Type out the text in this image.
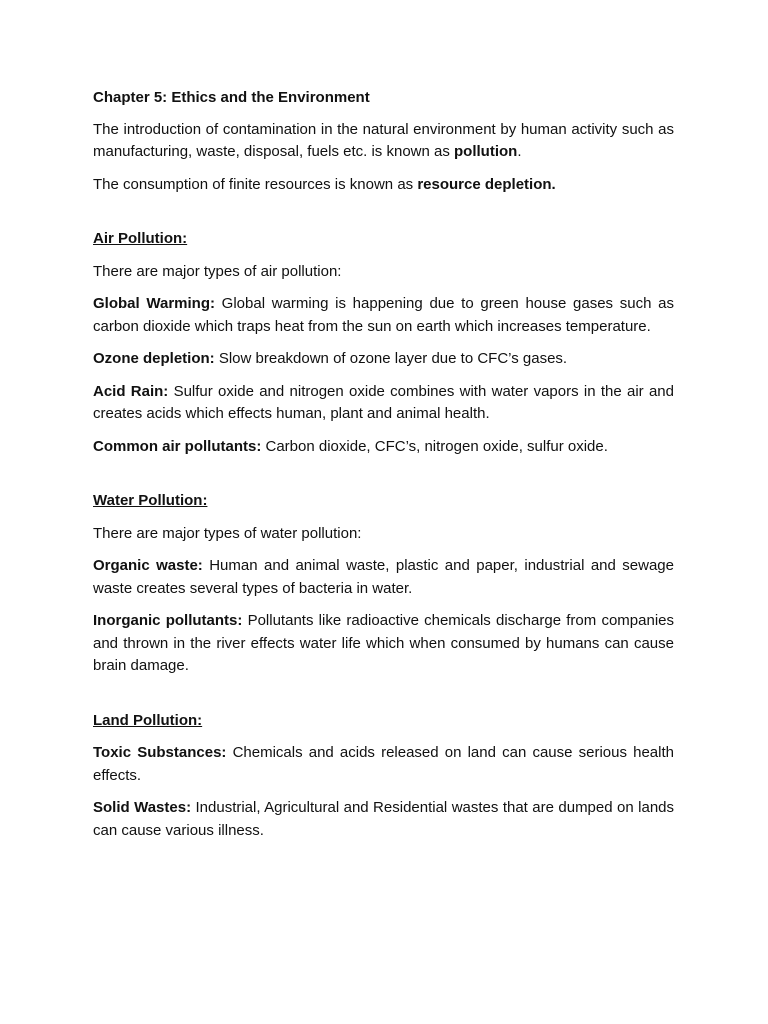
Chapter 5: Ethics and the Environment

The introduction of contamination in the natural environment by human activity such as manufacturing, waste, disposal, fuels etc. is known as pollution.

The consumption of finite resources is known as resource depletion.

Air Pollution:

There are major types of air pollution:

Global Warming: Global warming is happening due to green house gases such as carbon dioxide which traps heat from the sun on earth which increases temperature.

Ozone depletion: Slow breakdown of ozone layer due to CFC’s gases.

Acid Rain: Sulfur oxide and nitrogen oxide combines with water vapors in the air and creates acids which effects human, plant and animal health.

Common air pollutants: Carbon dioxide, CFC’s, nitrogen oxide, sulfur oxide.

Water Pollution:

There are major types of water pollution:

Organic waste: Human and animal waste, plastic and paper, industrial and sewage waste creates several types of bacteria in water.

Inorganic pollutants: Pollutants like radioactive chemicals discharge from companies and thrown in the river effects water life which when consumed by humans can cause brain damage.

Land Pollution:

Toxic Substances: Chemicals and acids released on land can cause serious health effects.

Solid Wastes: Industrial, Agricultural and Residential wastes that are dumped on lands can cause various illness.
